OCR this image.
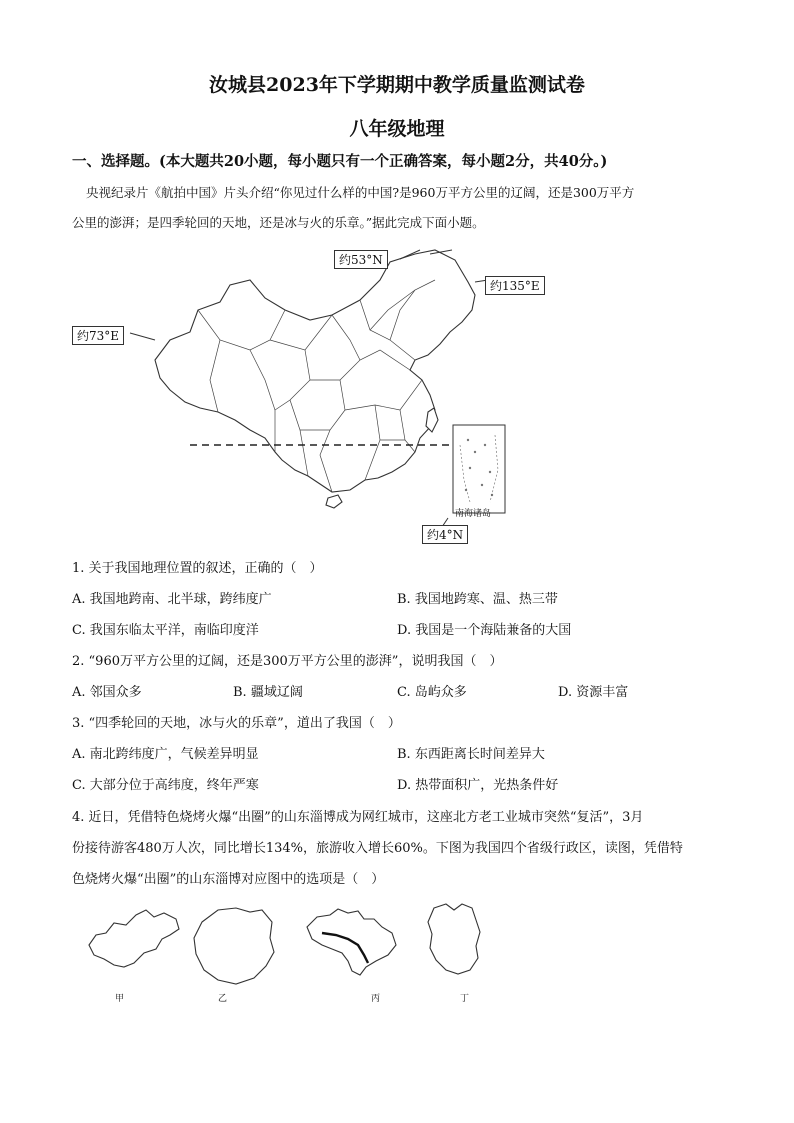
汝城县2023年下学期期中教学质量监测试卷
八年级地理
一、选择题。(本大题共20小题，每小题只有一个正确答案，每小题2分，共40分。)
央视纪录片《航拍中国》片头介绍“你见过什么样的中国?是960万平方公里的辽阔，还是300万平方
公里的澎湃；是四季轮回的天地，还是冰与火的乐章。”据此完成下面小题。
南海诸岛
约53°N
约135°E
约73°E
约4°N
1. 关于我国地理位置的叙述，正确的（　）
A. 我国地跨南、北半球，跨纬度广	B. 我国地跨寒、温、热三带
C. 我国东临太平洋，南临印度洋	D. 我国是一个海陆兼备的大国
2. “960万平方公里的辽阔，还是300万平方公里的澎湃”，说明我国（　）
A. 邻国众多	B. 疆域辽阔	C. 岛屿众多	D. 资源丰富
3. “四季轮回的天地，冰与火的乐章”，道出了我国（　）
A. 南北跨纬度广，气候差异明显	B. 东西距离长时间差异大
C. 大部分位于高纬度，终年严寒	D. 热带面积广，光热条件好
4. 近日，凭借特色烧烤火爆“出圈”的山东淄博成为网红城市，这座北方老工业城市突然“复活”，3月
份接待游客480万人次，同比增长134%，旅游收入增长60%。下图为我国四个省级行政区，读图，凭借特
色烧烤火爆“出圈”的山东淄博对应图中的选项是（　）
甲	乙	丙	丁
